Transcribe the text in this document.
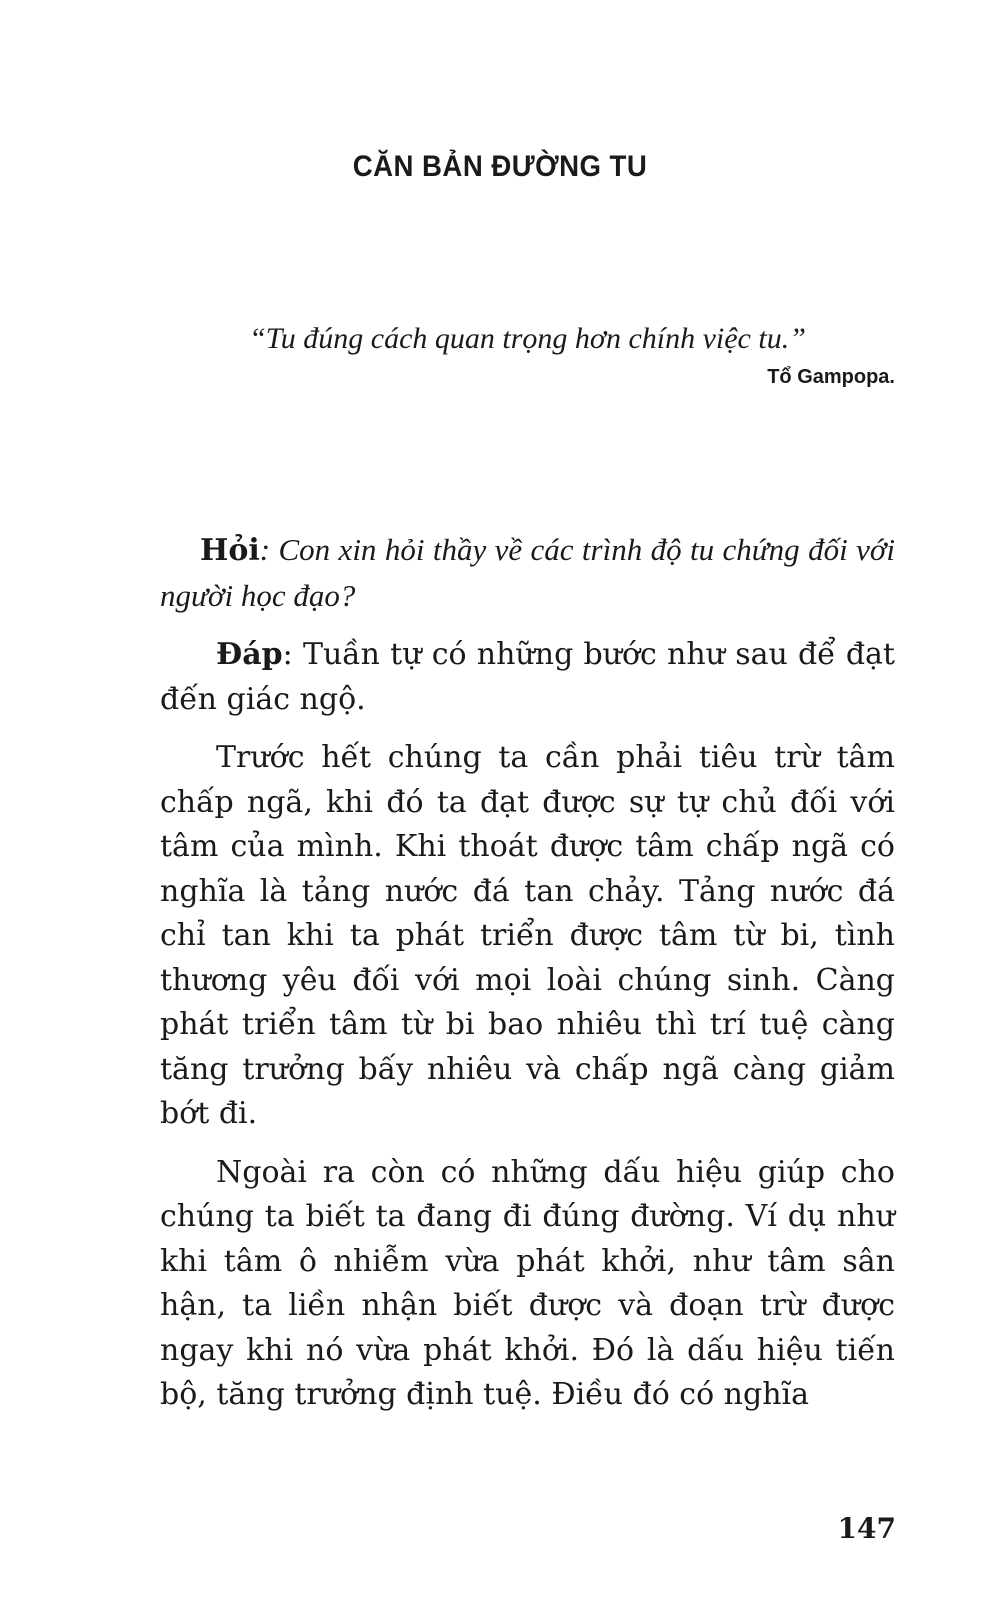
CĂN BẢN ĐƯỜNG TU
“Tu đúng cách quan trọng hơn chính việc tu.”
Tổ Gampopa.

Hỏi: Con xin hỏi thầy về các trình độ tu chứng đối với người học đạo?

Đáp: Tuần tự có những bước như sau để đạt đến giác ngộ.

Trước hết chúng ta cần phải tiêu trừ tâm chấp ngã, khi đó ta đạt được sự tự chủ đối với tâm của mình. Khi thoát được tâm chấp ngã có nghĩa là tảng nước đá tan chảy. Tảng nước đá chỉ tan khi ta phát triển được tâm từ bi, tình thương yêu đối với mọi loài chúng sinh. Càng phát triển tâm từ bi bao nhiêu thì trí tuệ càng tăng trưởng bấy nhiêu và chấp ngã càng giảm bớt đi.

Ngoài ra còn có những dấu hiệu giúp cho chúng ta biết ta đang đi đúng đường. Ví dụ như khi tâm ô nhiễm vừa phát khởi, như tâm sân hận, ta liền nhận biết được và đoạn trừ được ngay khi nó vừa phát khởi. Đó là dấu hiệu tiến bộ, tăng trưởng định tuệ. Điều đó có nghĩa

147
